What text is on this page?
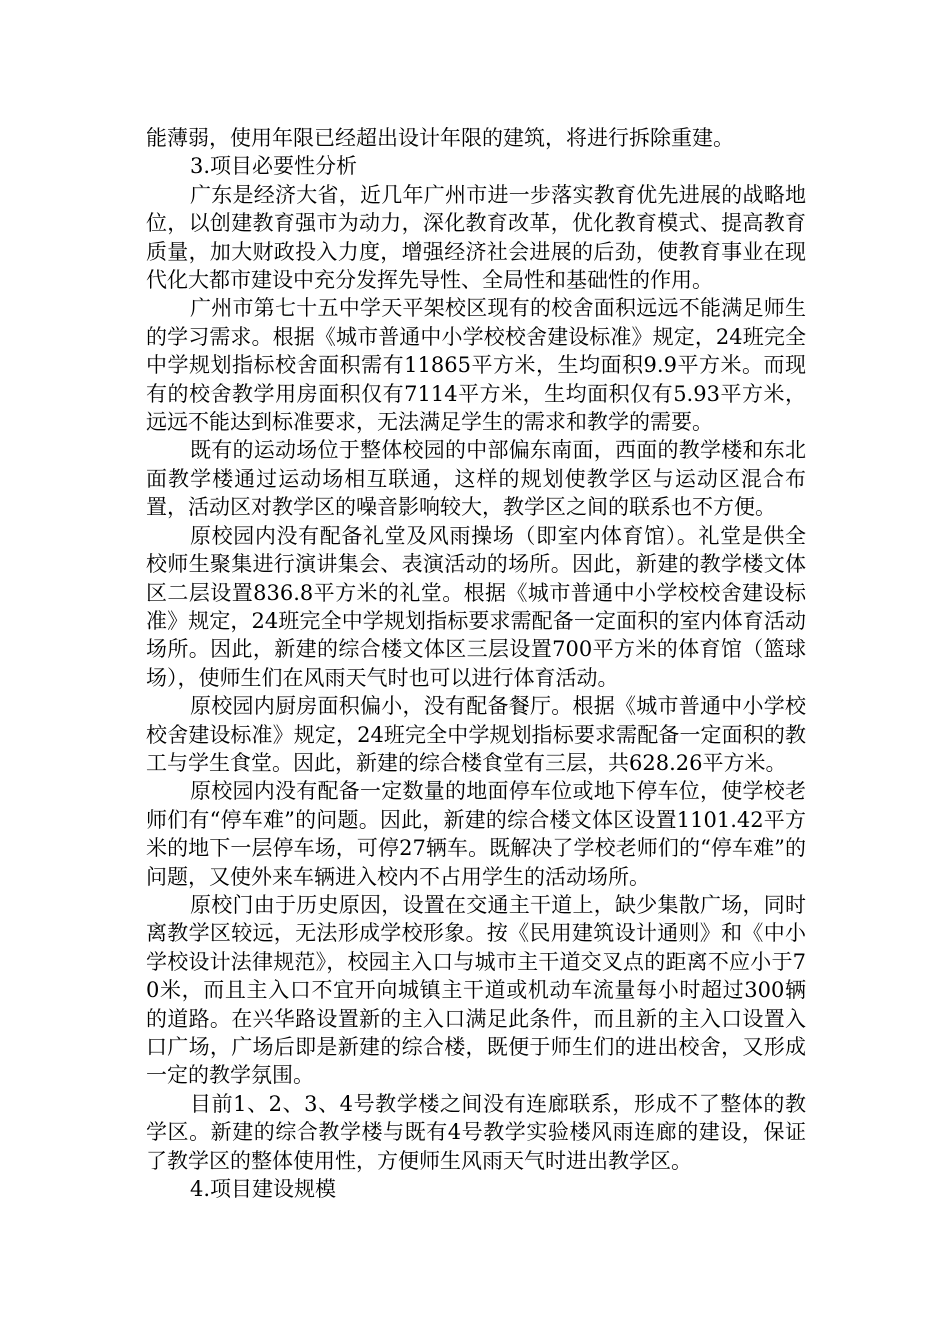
能薄弱，使用年限已经超出设计年限的建筑，将进行拆除重建。

3.项目必要性分析

广东是经济大省，近几年广州市进一步落实教育优先进展的战略地位，以创建教育强市为动力，深化教育改革，优化教育模式、提高教育质量，加大财政投入力度，增强经济社会进展的后劲，使教育事业在现代化大都市建设中充分发挥先导性、全局性和基础性的作用。

广州市第七十五中学天平架校区现有的校舍面积远远不能满足师生的学习需求。根据《城市普通中小学校校舍建设标准》规定，24班完全中学规划指标校舍面积需有11865平方米，生均面积9.9平方米。而现有的校舍教学用房面积仅有7114平方米，生均面积仅有5.93平方米，远远不能达到标准要求，无法满足学生的需求和教学的需要。

既有的运动场位于整体校园的中部偏东南面，西面的教学楼和东北面教学楼通过运动场相互联通，这样的规划使教学区与运动区混合布置，活动区对教学区的噪音影响较大，教学区之间的联系也不方便。

原校园内没有配备礼堂及风雨操场（即室内体育馆）。礼堂是供全校师生聚集进行演讲集会、表演活动的场所。因此，新建的教学楼文体区二层设置836.8平方米的礼堂。根据《城市普通中小学校校舍建设标准》规定，24班完全中学规划指标要求需配备一定面积的室内体育活动场所。因此，新建的综合楼文体区三层设置700平方米的体育馆（篮球场），使师生们在风雨天气时也可以进行体育活动。

原校园内厨房面积偏小，没有配备餐厅。根据《城市普通中小学校校舍建设标准》规定，24班完全中学规划指标要求需配备一定面积的教工与学生食堂。因此，新建的综合楼食堂有三层，共628.26平方米。

原校园内没有配备一定数量的地面停车位或地下停车位，使学校老师们有“停车难”的问题。因此，新建的综合楼文体区设置1101.42平方米的地下一层停车场，可停27辆车。既解决了学校老师们的“停车难”的问题，又使外来车辆进入校内不占用学生的活动场所。

原校门由于历史原因，设置在交通主干道上，缺少集散广场，同时离教学区较远，无法形成学校形象。按《民用建筑设计通则》和《中小学校设计法律规范》，校园主入口与城市主干道交叉点的距离不应小于70米，而且主入口不宜开向城镇主干道或机动车流量每小时超过300辆的道路。在兴华路设置新的主入口满足此条件，而且新的主入口设置入口广场，广场后即是新建的综合楼，既便于师生们的进出校舍，又形成一定的教学氛围。

目前1、2、3、4号教学楼之间没有连廊联系，形成不了整体的教学区。新建的综合教学楼与既有4号教学实验楼风雨连廊的建设，保证了教学区的整体使用性，方便师生风雨天气时进出教学区。

4.项目建设规模
